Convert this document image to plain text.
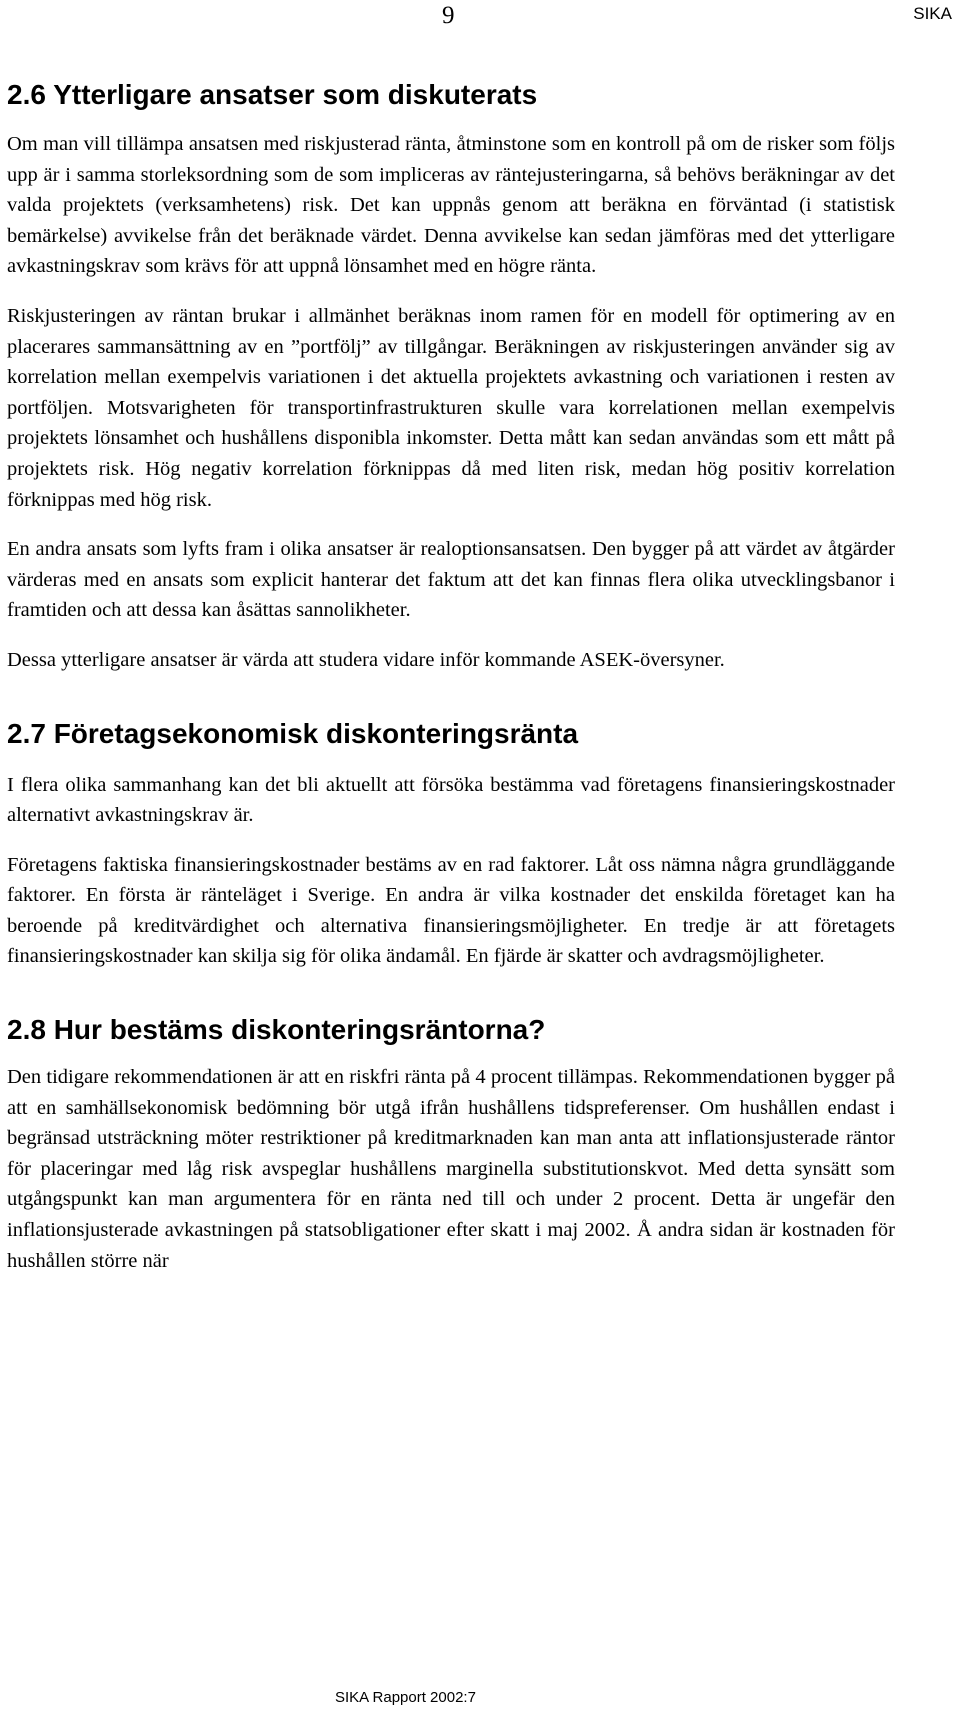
9	SIKA
2.6 Ytterligare ansatser som diskuterats

Om man vill tillämpa ansatsen med riskjusterad ränta, åtminstone som en kontroll på om de risker som följs upp är i samma storleksordning som de som impliceras av räntejusteringarna, så behövs beräkningar av det valda projektets (verksamhetens) risk. Det kan uppnås genom att beräkna en förväntad (i statistisk bemärkelse) avvikelse från det beräknade värdet. Denna avvikelse kan sedan jämföras med det ytterligare avkastningskrav som krävs för att uppnå lönsamhet med en högre ränta.

Riskjusteringen av räntan brukar i allmänhet beräknas inom ramen för en modell för optimering av en placerares sammansättning av en ”portfölj” av tillgångar. Beräkningen av riskjusteringen använder sig av korrelation mellan exempelvis variationen i det aktuella projektets avkastning och variationen i resten av portföljen. Motsvarigheten för transportinfrastrukturen skulle vara korrelationen mellan exempelvis projektets lönsamhet och hushållens disponibla inkomster. Detta mått kan sedan användas som ett mått på projektets risk. Hög negativ korrelation förknippas då med liten risk, medan hög positiv korrelation förknippas med hög risk.

En andra ansats som lyfts fram i olika ansatser är realoptionsansatsen. Den bygger på att värdet av åtgärder värderas med en ansats som explicit hanterar det faktum att det kan finnas flera olika utvecklingsbanor i framtiden och att dessa kan åsättas sannolikheter.

Dessa ytterligare ansatser är värda att studera vidare inför kommande ASEK-översyner.

2.7 Företagsekonomisk diskonteringsränta

I flera olika sammanhang kan det bli aktuellt att försöka bestämma vad företagens finansieringskostnader alternativt avkastningskrav är.

Företagens faktiska finansieringskostnader bestäms av en rad faktorer. Låt oss nämna några grundläggande faktorer. En första är ränteläget i Sverige. En andra är vilka kostnader det enskilda företaget kan ha beroende på kreditvärdighet och alternativa finansieringsmöjligheter. En tredje är att företagets finansieringskostnader kan skilja sig för olika ändamål. En fjärde är skatter och avdragsmöjligheter.

2.8 Hur bestäms diskonteringsräntorna?

Den tidigare rekommendationen är att en riskfri ränta på 4 procent tillämpas. Rekommendationen bygger på att en samhällsekonomisk bedömning bör utgå ifrån hushållens tidspreferenser. Om hushållen endast i begränsad utsträckning möter restriktioner på kreditmarknaden kan man anta att inflationsjusterade räntor för placeringar med låg risk avspeglar hushållens marginella substitutionskvot. Med detta synsätt som utgångspunkt kan man argumentera för en ränta ned till och under 2 procent. Detta är ungefär den inflationsjusterade avkastningen på statsobligationer efter skatt i maj 2002. Å andra sidan är kostnaden för hushållen större när

SIKA Rapport 2002:7
